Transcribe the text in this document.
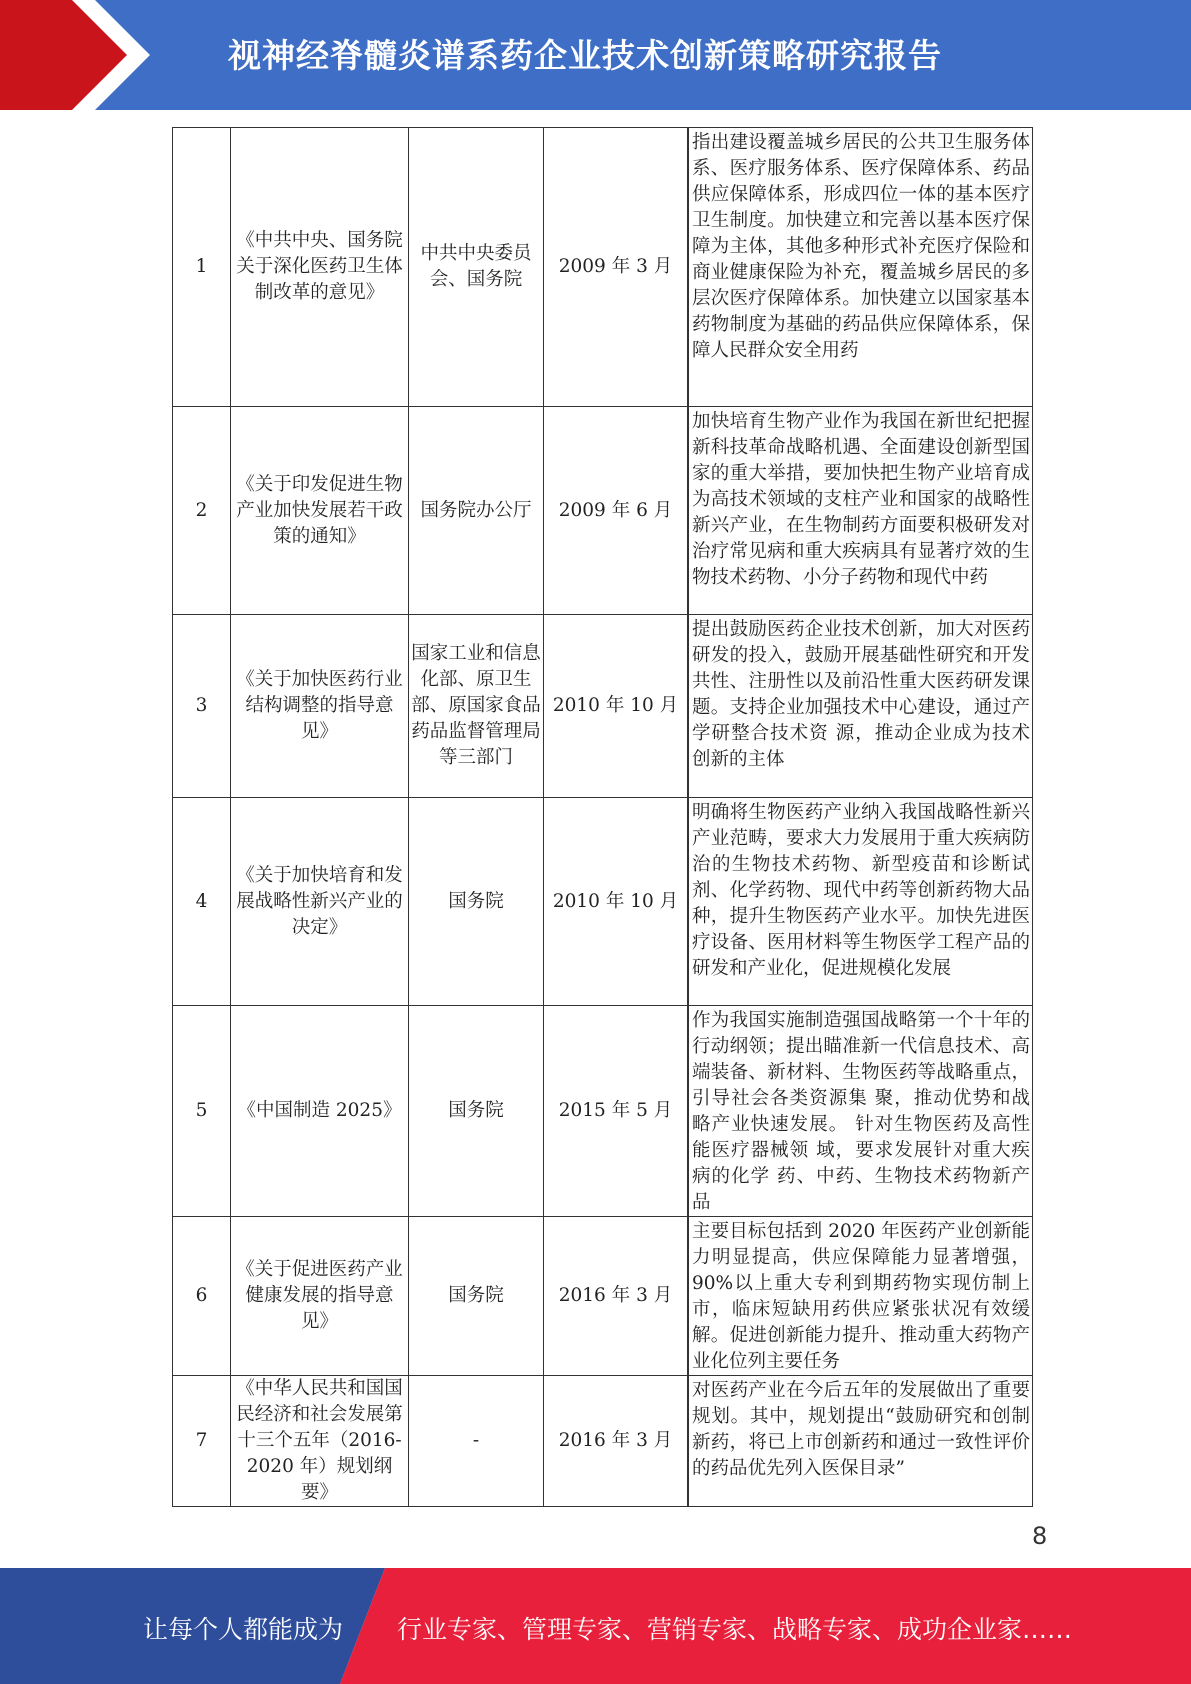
视神经脊髓炎谱系药企业技术创新策略研究报告
1	《中共中央、国务院关于深化医药卫生体制改革的意见》	中共中央委员会、国务院	2009 年 3 月		指出建设覆盖城乡居民的公共卫生服务体系、医疗服务体系、医疗保障体系、药品供应保障体系，形成四位一体的基本医疗卫生制度。加快建立和完善以基本医疗保障为主体，其他多种形式补充医疗保险和商业健康保险为补充，覆盖城乡居民的多层次医疗保障体系。加快建立以国家基本药物制度为基础的药品供应保障体系，保 障人民群众安全用药
2	《关于印发促进生物产业加快发展若干政策的通知》	国务院办公厅	2009 年 6 月		加快培育生物产业作为我国在新世纪把握新科技革命战略机遇、全面建设创新型国家的重大举措，要加快把生物产业培育成为高技术领域的支柱产业和国家的战略性新兴产业，在生物制药方面要积极研发对治疗常见病和重大疾病具有显著疗效的生物技术药物、小分子药物和现代中药
3	《关于加快医药行业结构调整的指导意见》	国家工业和信息化部、原卫生部、原国家食品药品监督管理局等三部门	2010 年 10 月		提出鼓励医药企业技术创新，加大对医药研发的投入，鼓励开展基础性研究和开发共性、注册性以及前沿性重大医药研发课题。支持企业加强技术中心建设，通过产学研整合技术资 源，推动企业成为技术创新的主体
4	《关于加快培育和发展战略性新兴产业的决定》	国务院	2010 年 10 月		明确将生物医药产业纳入我国战略性新兴产业范畴，要求大力发展用于重大疾病防治的生物技术药物、新型疫苗和诊断试剂、化学药物、现代中药等创新药物大品种，提升生物医药产业水平。加快先进医疗设备、医用材料等生物医学工程产品的研发和产业化，促进规模化发展
5	《中国制造 2025》	国务院	2015 年 5 月		作为我国实施制造强国战略第一个十年的行动纲领；提出瞄准新一代信息技术、高端装备、新材料、生物医药等战略重点，引导社会各类资源集 聚，推动优势和战略产业快速发展。 针对生物医药及高性能医疗器械领 域，要求发展针对重大疾病的化学 药、中药、生物技术药物新产品
6	《关于促进医药产业健康发展的指导意见》	国务院	2016 年 3 月		主要目标包括到 2020 年医药产业创新能力明显提高，供应保障能力显著增强，90%以上重大专利到期药物实现仿制上市，临床短缺用药供应紧张状况有效缓解。促进创新能力提升、推动重大药物产业化位列主要任务
7	《中华人民共和国国民经济和社会发展第十三个五年（2016-2020 年）规划纲要》	-	2016 年 3 月		对医药产业在今后五年的发展做出了重要规划。其中，规划提出“鼓励研究和创制新药，将已上市创新药和通过一致性评价的药品优先列入医保目录”
8
让每个人都能成为 行业专家、管理专家、营销专家、战略专家、成功企业家……
